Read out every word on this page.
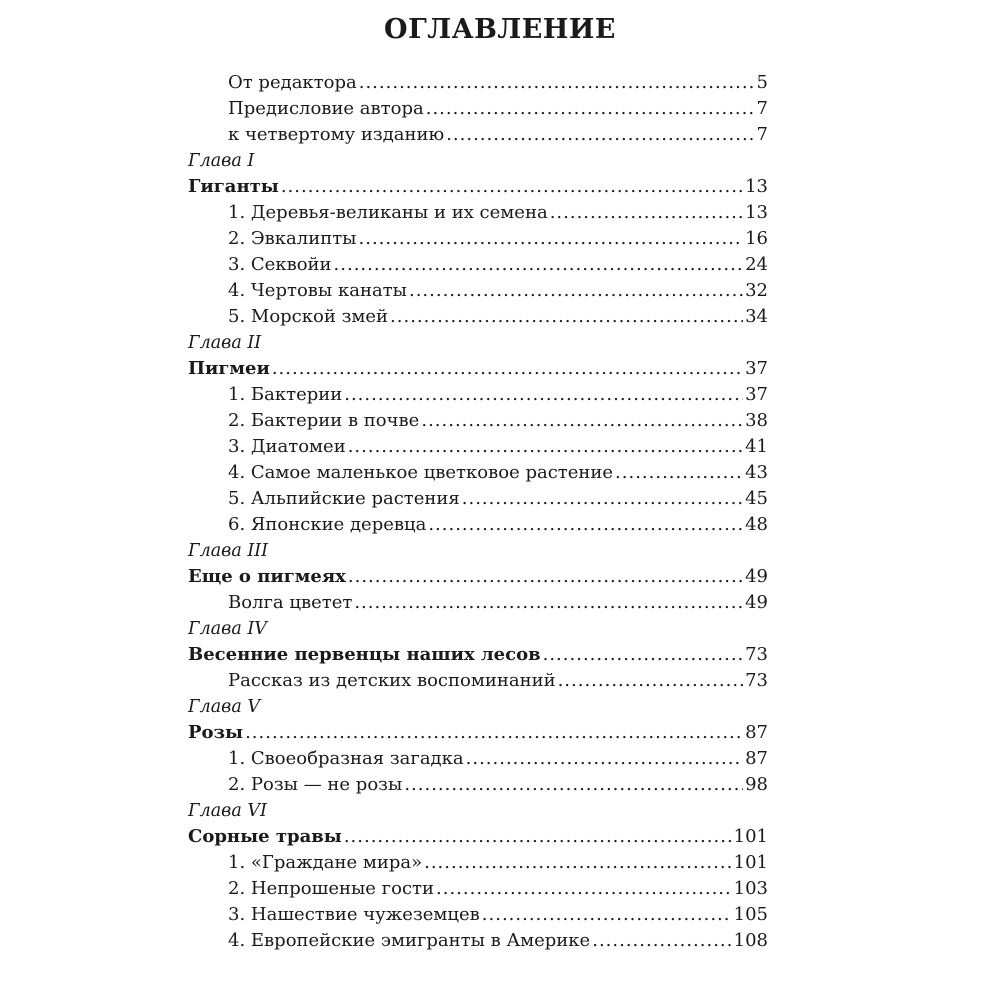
ОГЛАВЛЕНИЕ
От редактора .....	5
Предисловие автора .....	7
к четвертому изданию .....	7
Глава I
Гиганты .....	13
1. Деревья-великаны и их семена .....	13
2. Эвкалипты .....	16
3. Секвойи .....	24
4. Чертовы канаты .....	32
5. Морской змей .....	34
Глава II
Пигмеи .....	37
1. Бактерии .....	37
2. Бактерии в почве .....	38
3. Диатомеи .....	41
4. Самое маленькое цветковое растение .....	43
5. Альпийские растения .....	45
6. Японские деревца .....	48
Глава III
Еще о пигмеях .....	49
Волга цветет .....	49
Глава IV
Весенние первенцы наших лесов .....	73
Рассказ из детских воспоминаний .....	73
Глава V
Розы .....	87
1. Своеобразная загадка .....	87
2. Розы — не розы .....	98
Глава VI
Сорные травы .....	101
1. «Граждане мира» .....	101
2. Непрошеные гости .....	103
3. Нашествие чужеземцев .....	105
4. Европейские эмигранты в Америке .....	108
